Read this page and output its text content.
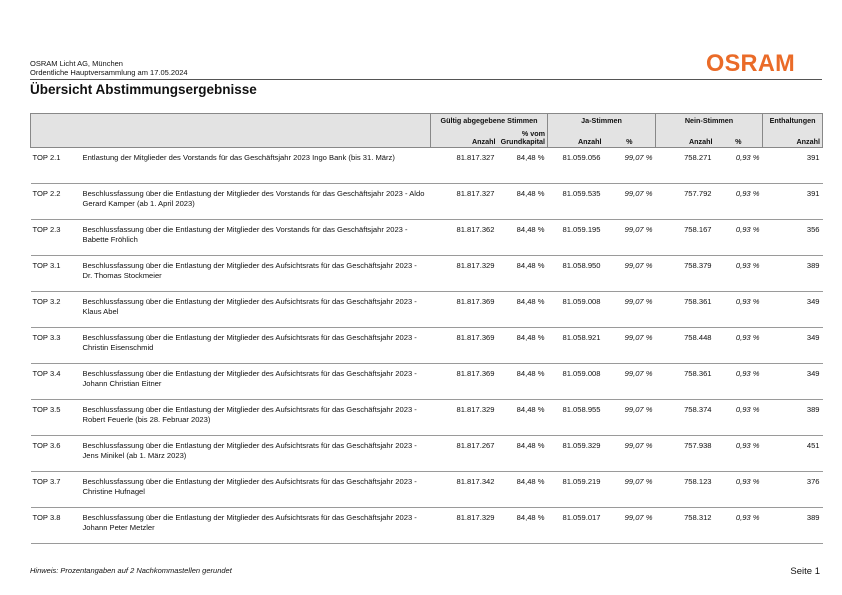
OSRAM Licht AG, München
Ordentliche Hauptversammlung am 17.05.2024	OSRAM
Übersicht Abstimmungsergebnisse
		Gültig abgegebene Stimmen		Ja-Stimmen		Nein-Stimmen		Enthaltungen
		Anzahl	% vom Grundkapital	Anzahl	%	Anzahl	%	Anzahl
TOP 2.1	Entlastung der Mitglieder des Vorstands für das Geschäftsjahr 2023 Ingo Bank (bis 31. März)	81.817.327	84,48 %	81.059.056	99,07 %	758.271	0,93 %	391
TOP 2.2	Beschlussfassung über die Entlastung der Mitglieder des Vorstands für das Geschäftsjahr 2023 - Aldo Gerard Kamper (ab 1. April 2023)	81.817.327	84,48 %	81.059.535	99,07 %	757.792	0,93 %	391
TOP 2.3	Beschlussfassung über die Entlastung der Mitglieder des Vorstands für das Geschäftsjahr 2023 - Babette Fröhlich	81.817.362	84,48 %	81.059.195	99,07 %	758.167	0,93 %	356
TOP 3.1	Beschlussfassung über die Entlastung der Mitglieder des Aufsichtsrats für das Geschäftsjahr 2023 - Dr. Thomas Stockmeier	81.817.329	84,48 %	81.058.950	99,07 %	758.379	0,93 %	389
TOP 3.2	Beschlussfassung über die Entlastung der Mitglieder des Aufsichtsrats für das Geschäftsjahr 2023 - Klaus Abel	81.817.369	84,48 %	81.059.008	99,07 %	758.361	0,93 %	349
TOP 3.3	Beschlussfassung über die Entlastung der Mitglieder des Aufsichtsrats für das Geschäftsjahr 2023 - Christin Eisenschmid	81.817.369	84,48 %	81.058.921	99,07 %	758.448	0,93 %	349
TOP 3.4	Beschlussfassung über die Entlastung der Mitglieder des Aufsichtsrats für das Geschäftsjahr 2023 - Johann Christian Eitner	81.817.369	84,48 %	81.059.008	99,07 %	758.361	0,93 %	349
TOP 3.5	Beschlussfassung über die Entlastung der Mitglieder des Aufsichtsrats für das Geschäftsjahr 2023 - Robert Feuerle (bis 28. Februar 2023)	81.817.329	84,48 %	81.058.955	99,07 %	758.374	0,93 %	389
TOP 3.6	Beschlussfassung über die Entlastung der Mitglieder des Aufsichtsrats für das Geschäftsjahr 2023 - Jens Minikel (ab 1. März 2023)	81.817.267	84,48 %	81.059.329	99,07 %	757.938	0,93 %	451
TOP 3.7	Beschlussfassung über die Entlastung der Mitglieder des Aufsichtsrats für das Geschäftsjahr 2023 - Christine Hufnagel	81.817.342	84,48 %	81.059.219	99,07 %	758.123	0,93 %	376
TOP 3.8	Beschlussfassung über die Entlastung der Mitglieder des Aufsichtsrats für das Geschäftsjahr 2023 - Johann Peter Metzler	81.817.329	84,48 %	81.059.017	99,07 %	758.312	0,93 %	389
Hinweis: Prozentangaben auf 2 Nachkommastellen gerundet	Seite 1
